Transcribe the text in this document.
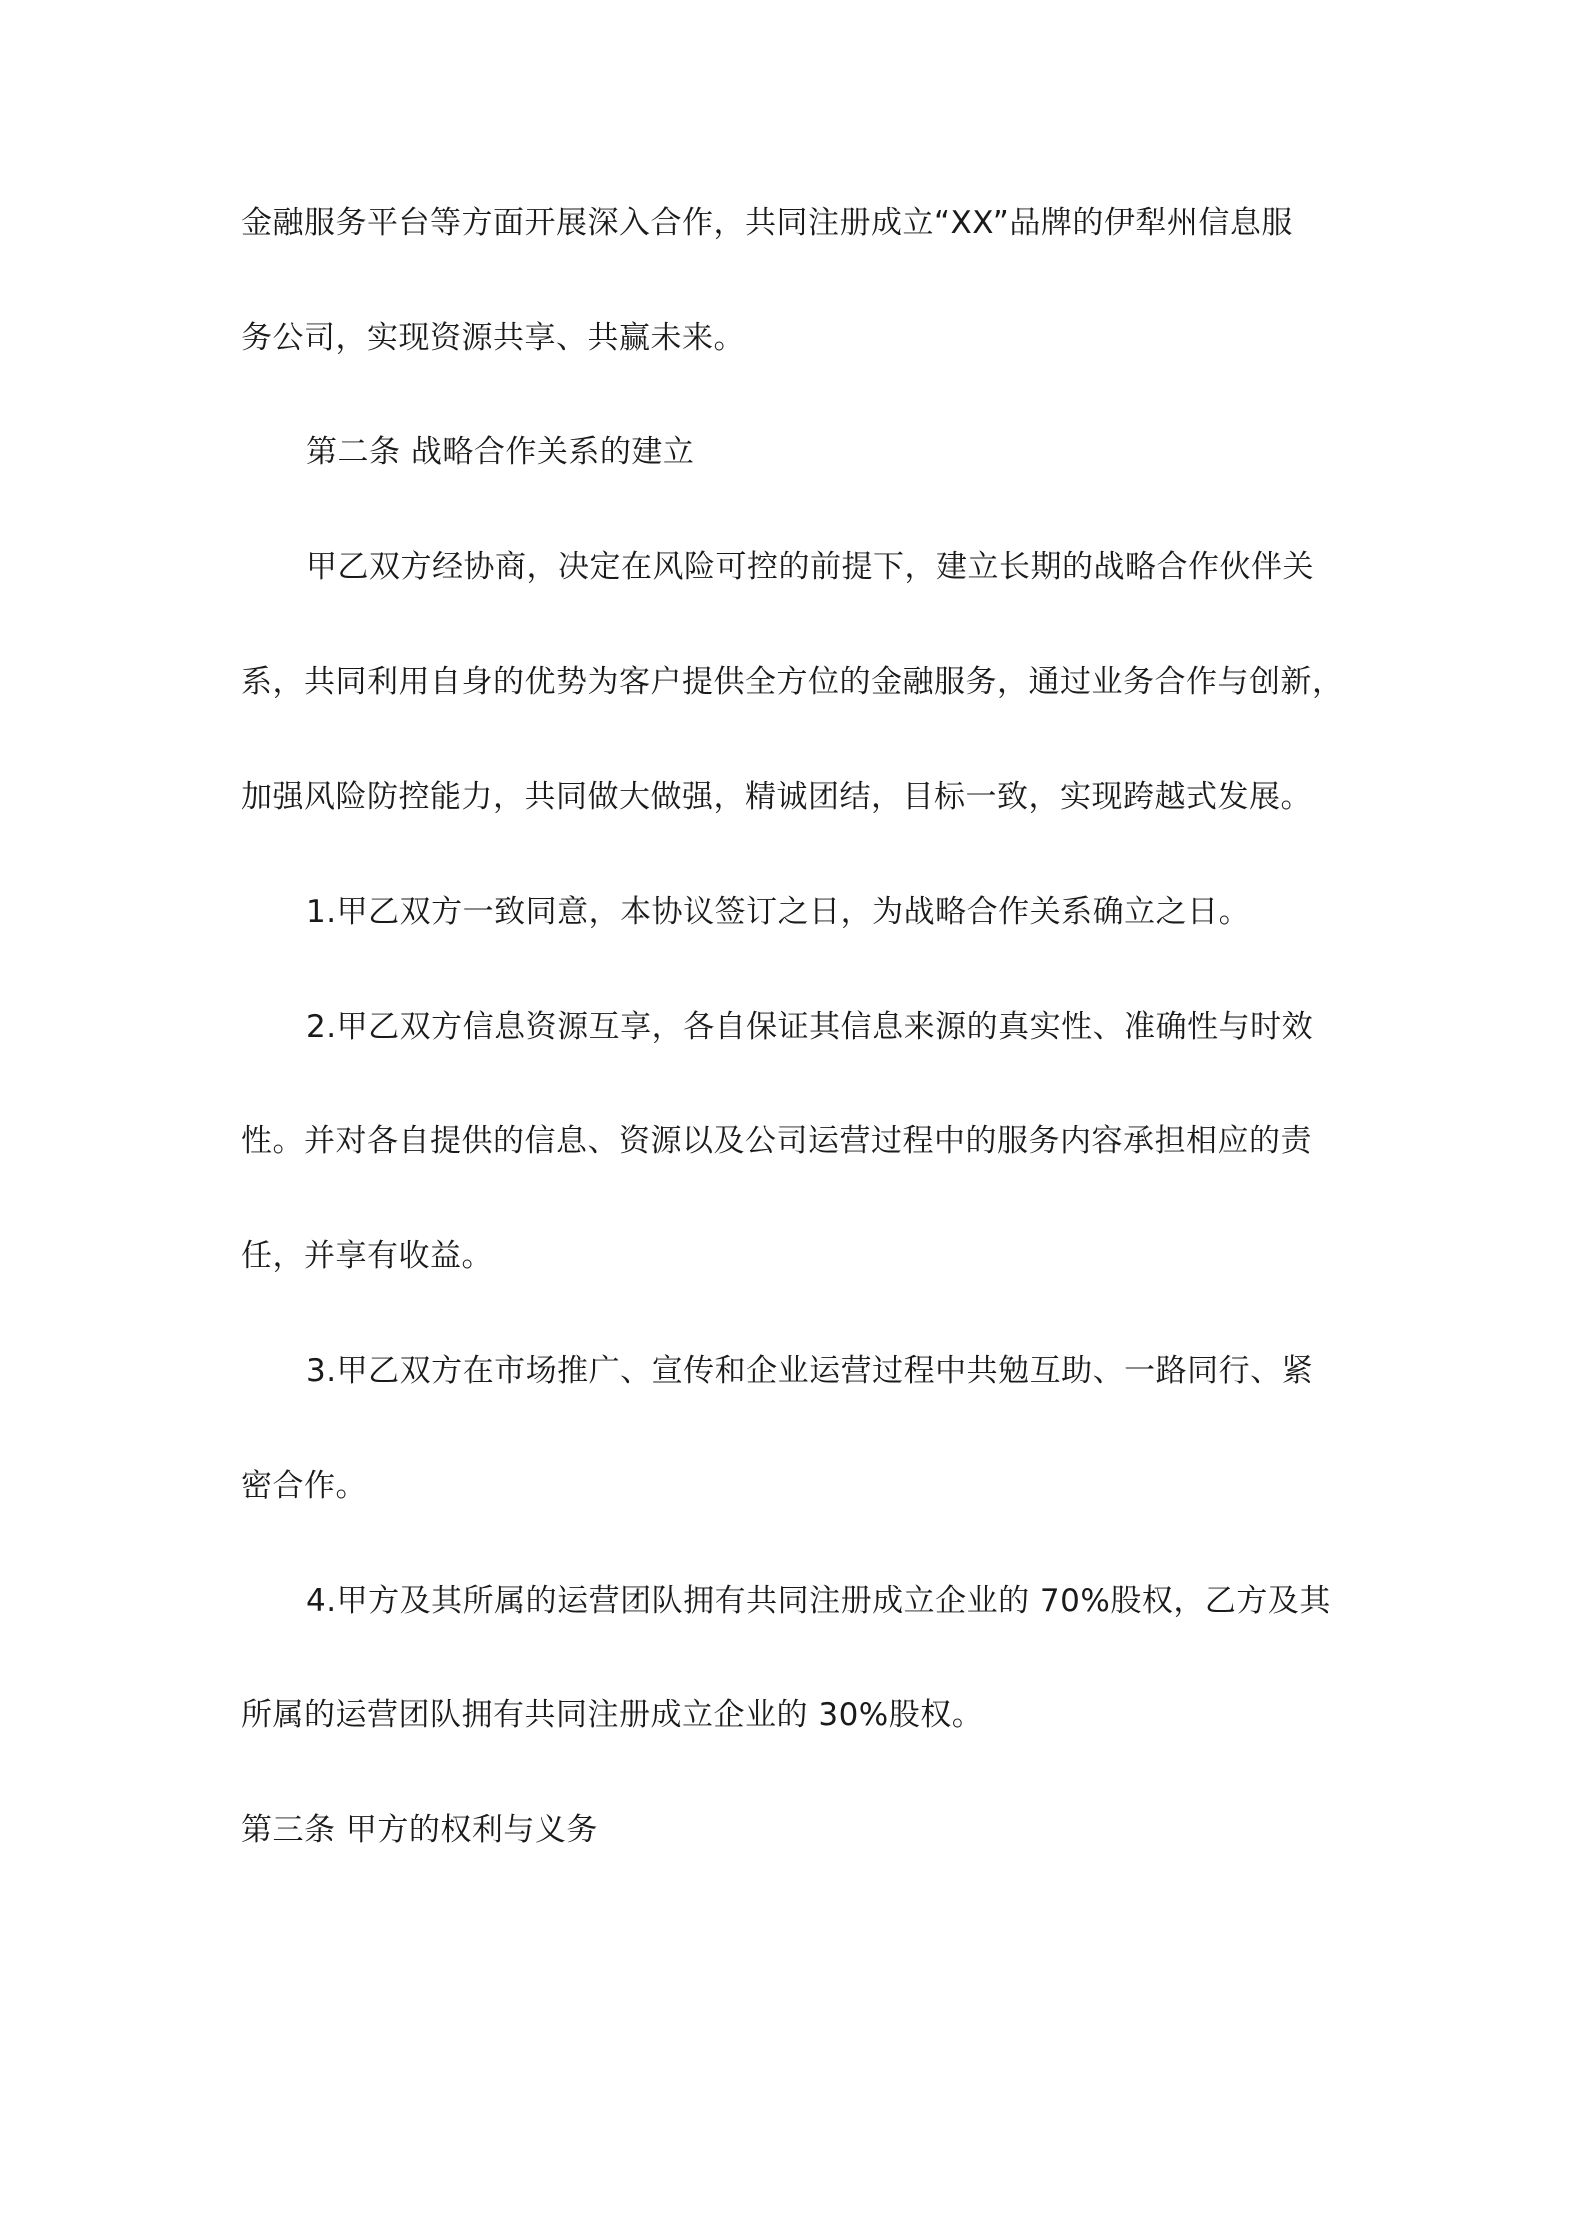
金融服务平台等方面开展深入合作，共同注册成立“XX”品牌的伊犁州信息服

务公司，实现资源共享、共赢未来。

第二条 战略合作关系的建立

甲乙双方经协商，决定在风险可控的前提下，建立长期的战略合作伙伴关

系，共同利用自身的优势为客户提供全方位的金融服务，通过业务合作与创新，

加强风险防控能力，共同做大做强，精诚团结，目标一致，实现跨越式发展。

1.甲乙双方一致同意，本协议签订之日，为战略合作关系确立之日。

2.甲乙双方信息资源互享，各自保证其信息来源的真实性、准确性与时效

性。并对各自提供的信息、资源以及公司运营过程中的服务内容承担相应的责

任，并享有收益。

3.甲乙双方在市场推广、宣传和企业运营过程中共勉互助、一路同行、紧

密合作。

4.甲方及其所属的运营团队拥有共同注册成立企业的 70%股权，乙方及其

所属的运营团队拥有共同注册成立企业的 30%股权。

第三条 甲方的权利与义务
